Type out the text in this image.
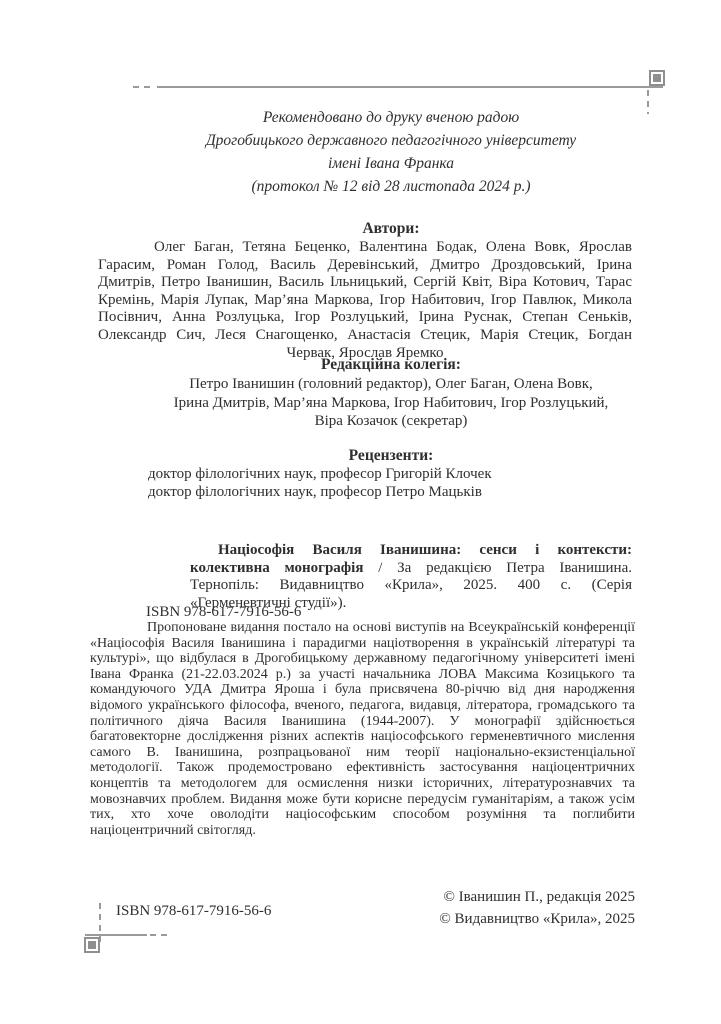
Рекомендовано до друку вченою радою
Дрогобицького державного педагогічного університету
імені Івана Франка
(протокол № 12 від 28 листопада 2024 р.)
Автори:
Олег Баган, Тетяна Беценко, Валентина Бодак, Олена Вовк, Ярослав Гарасим, Роман Голод, Василь Деревінський, Дмитро Дроздовський, Ірина Дмитрів, Петро Іванишин, Василь Ільницький, Сергій Квіт, Віра Котович, Тарас Кремінь, Марія Лупак, Мар’яна Маркова, Ігор Набитович, Ігор Павлюк, Микола Посівнич, Анна Розлуцька, Ігор Розлуцький, Ірина Руснак, Степан Сеньків, Олександр Сич, Леся Снагощенко, Анастасія Стецик, Марія Стецик, Богдан Червак, Ярослав Яремко
Редакційна колегія:
Петро Іванишин (головний редактор), Олег Баган, Олена Вовк,
Ірина Дмитрів, Мар’яна Маркова, Ігор Набитович, Ігор Розлуцький,
Віра Козачок (секретар)
Рецензенти:
доктор філологічних наук, професор Григорій Клочек
доктор філологічних наук, професор Петро Мацьків
Націософія Василя Іванишина: сенси і контексти: колективна монографія / За редакцією Петра Іванишина. Тернопіль: Видавництво «Крила», 2025. 400 с. (Серія «Герменевтичні студії»).
ISBN 978-617-7916-56-6
Пропоноване видання постало на основі виступів на Всеукраїнській конференції «Націософія Василя Іванишина і парадигми націотворення в українській літературі та культурі», що відбулася в Дрогобицькому державному педагогічному університеті імені Івана Франка (21-22.03.2024 р.) за участі начальника ЛОВА Максима Козицького та командуючого УДА Дмитра Яроша і була присвячена 80-річчю від дня народження відомого українського філософа, вченого, педагога, видавця, літератора, громадського та політичного діяча Василя Іванишина (1944-2007). У монографії здійснюється багатовекторне дослідження різних аспектів націософського герменевтичного мислення самого В. Іванишина, розпрацьованої ним теорії національно-екзистенціальної методології. Також продемостровано ефективність застосування націоцентричних концептів та методологем для осмислення низки історичних, літературознавчих та мовознавчих проблем. Видання може бути корисне передусім гуманітаріям, а також усім тих, хто хоче оволодіти націософським способом розуміння та поглибити націоцентричний світогляд.
© Іванишин П., редакція 2025
© Видавництво «Крила», 2025
ISBN 978-617-7916-56-6
